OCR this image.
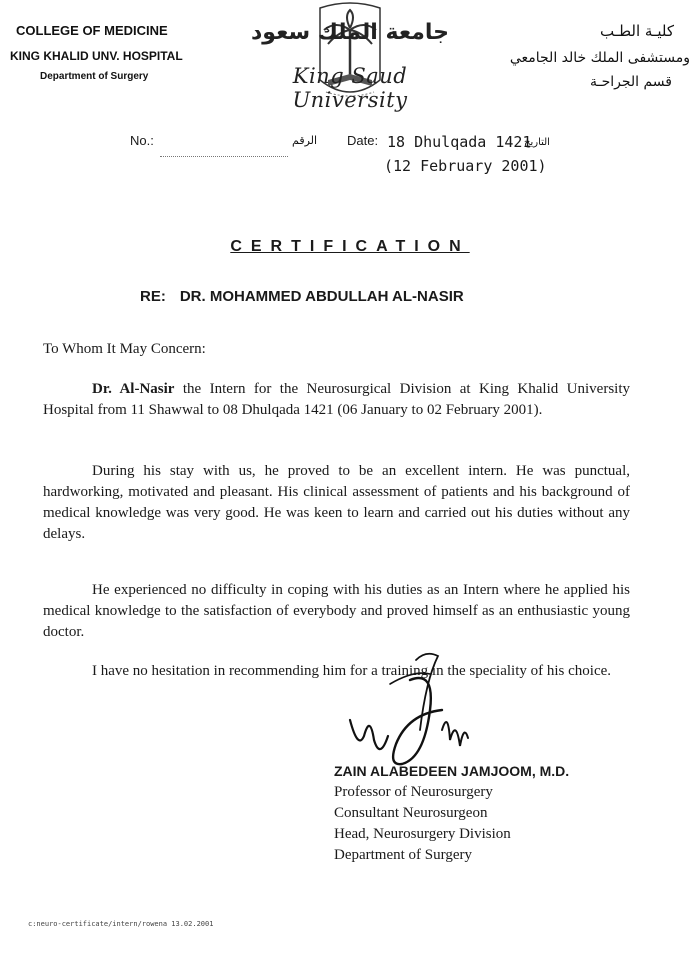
COLLEGE OF MEDICINE
KING KHALID UNV. HOSPITAL
Department of Surgery
كليـة الطـب
ومستشفى الملك خالد الجامعي
قسم الجراحـة
جامعة الملك سعود
King Saud University
No.:	الرقم Date: 18 Dhulqada 1421
التاريخ
(12 February 2001)
CERTIFICATION
RE: DR. MOHAMMED ABDULLAH AL-NASIR
To Whom It May Concern:

Dr. Al-Nasir the Intern for the Neurosurgical Division at King Khalid University Hospital from 11 Shawwal to 08 Dhulqada 1421 (06 January to 02 February 2001).

During his stay with us, he proved to be an excellent intern. He was punctual, hardworking, motivated and pleasant. His clinical assessment of patients and his background of medical knowledge was very good. He was keen to learn and carried out his duties without any delays.

He experienced no difficulty in coping with his duties as an Intern where he applied his medical knowledge to the satisfaction of everybody and proved himself as an enthusiastic young doctor.

I have no hesitation in recommending him for a training in the speciality of his choice.

ZAIN ALABEDEEN JAMJOOM, M.D.
Professor of Neurosurgery
Consultant Neurosurgeon
Head, Neurosurgery Division
Department of Surgery
c:neuro-certificate/intern/rowena 13.02.2001
